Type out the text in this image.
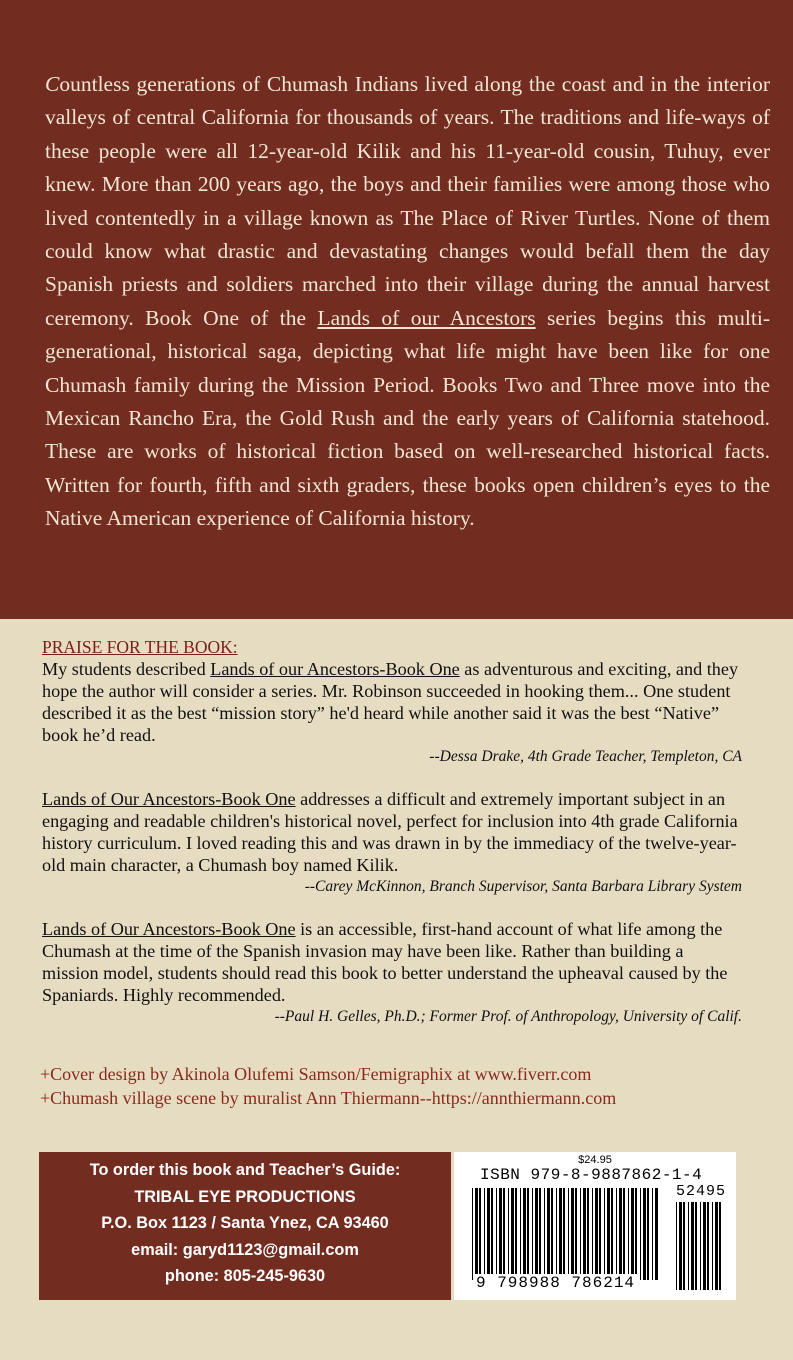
Countless generations of Chumash Indians lived along the coast and in the interior valleys of central California for thousands of years. The traditions and life-ways of these people were all 12-year-old Kilik and his 11-year-old cousin, Tuhuy, ever knew. More than 200 years ago, the boys and their families were among those who lived contentedly in a village known as The Place of River Turtles. None of them could know what drastic and devastating changes would befall them the day Spanish priests and soldiers marched into their village during the annual harvest ceremony. Book One of the Lands of our Ancestors series begins this multi-generational, historical saga, depicting what life might have been like for one Chumash family during the Mission Period. Books Two and Three move into the Mexican Rancho Era, the Gold Rush and the early years of California statehood. These are works of historical fiction based on well-researched historical facts. Written for fourth, fifth and sixth graders, these books open children’s eyes to the Native American experience of California history.

PRAISE FOR THE BOOK:

My students described Lands of our Ancestors-Book One as adventurous and exciting, and they hope the author will consider a series. Mr. Robinson succeeded in hooking them... One student described it as the best “mission story” he'd heard while another said it was the best “Native” book he’d read.

--Dessa Drake, 4th Grade Teacher, Templeton, CA

Lands of Our Ancestors-Book One addresses a difficult and extremely important subject in an engaging and readable children's historical novel, perfect for inclusion into 4th grade California history curriculum. I loved reading this and was drawn in by the immediacy of the twelve-year-old main character, a Chumash boy named Kilik.

--Carey McKinnon, Branch Supervisor, Santa Barbara Library System

Lands of Our Ancestors-Book One is an accessible, first-hand account of what life among the Chumash at the time of the Spanish invasion may have been like. Rather than building a mission model, students should read this book to better understand the upheaval caused by the Spaniards. Highly recommended.

--Paul H. Gelles, Ph.D.; Former Prof. of Anthropology, University of Calif.

+Cover design by Akinola Olufemi Samson/Femigraphix at www.fiverr.com
+Chumash village scene by muralist Ann Thiermann--https://annthiermann.com
To order this book and Teacher’s Guide:
TRIBAL EYE PRODUCTIONS
P.O. Box 1123 / Santa Ynez, CA 93460
email: garyd1123@gmail.com
phone: 805-245-9630
$24.95
ISBN 979-8-9887862-1-4
52495
9 798988 786214
